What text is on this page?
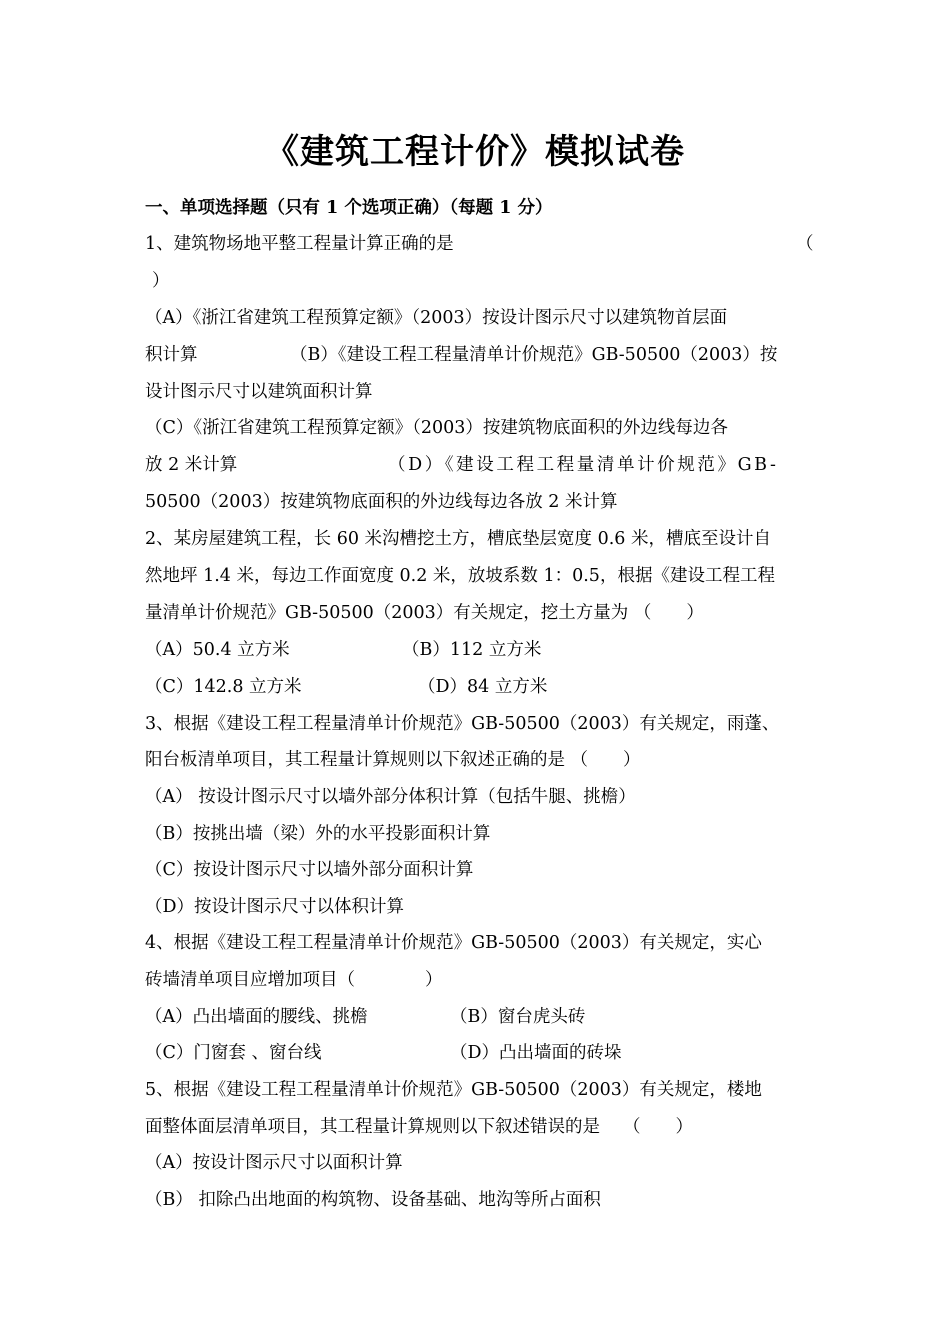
《建筑工程计价》模拟试卷
一、单项选择题（只有 1 个选项正确）（每题 1 分）
1、建筑物场地平整工程量计算正确的是	（
）
（A）《浙江省建筑工程预算定额》（2003）按设计图示尺寸以建筑物首层面
积计算	（B）《建设工程工程量清单计价规范》GB-50500（2003）按
设计图示尺寸以建筑面积计算
（C）《浙江省建筑工程预算定额》（2003）按建筑物底面积的外边线每边各
放 2 米计算	（D）《建设工程工程量清单计价规范》GB-
50500（2003）按建筑物底面积的外边线每边各放 2 米计算
2、某房屋建筑工程，长 60 米沟槽挖土方，槽底垫层宽度 0.6 米，槽底至设计自
然地坪 1.4 米，每边工作面宽度 0.2 米，放坡系数 1：0.5，根据《建设工程工程
量清单计价规范》GB-50500（2003）有关规定，挖土方量为 （　　）
（A）50.4 立方米	（B）112 立方米
（C）142.8 立方米	（D）84 立方米
3、根据《建设工程工程量清单计价规范》GB-50500（2003）有关规定，雨蓬、
阳台板清单项目，其工程量计算规则以下叙述正确的是 （　　）
（A） 按设计图示尺寸以墙外部分体积计算（包括牛腿、挑檐）
（B）按挑出墙（梁）外的水平投影面积计算
（C）按设计图示尺寸以墙外部分面积计算
（D）按设计图示尺寸以体积计算
4、根据《建设工程工程量清单计价规范》GB-50500（2003）有关规定，实心
砖墙清单项目应增加项目（　　　　）
（A）凸出墙面的腰线、挑檐	（B）窗台虎头砖
（C）门窗套 、窗台线	（D）凸出墙面的砖垛
5、根据《建设工程工程量清单计价规范》GB-50500（2003）有关规定，楼地
面整体面层清单项目，其工程量计算规则以下叙述错误的是　 （　　）
（A）按设计图示尺寸以面积计算
（B） 扣除凸出地面的构筑物、设备基础、地沟等所占面积
